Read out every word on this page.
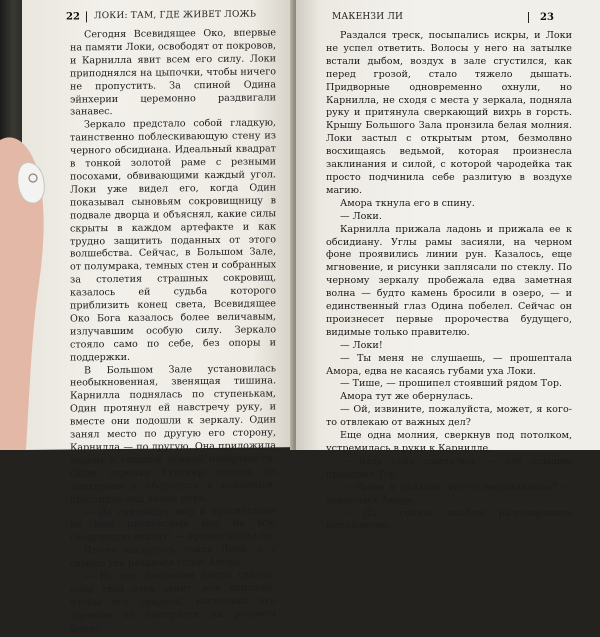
22 ЛОКИ: ТАМ, ГДЕ ЖИВЕТ ЛОЖЬ

Сегодня Всевидящее Око, впервые на памяти Локи, освободят от покровов, и Карнилла явит всем его силу. Локи приподнялся на цыпочки, чтобы ничего не пропустить. За спиной Одина эйнхерии церемонно раздвигали занавес.

Зеркало предстало собой гладкую, таинственно поблескивающую стену из черного обсидиана. Идеальный квадрат в тонкой золотой раме с резными посохами, обвивающими каждый угол. Локи уже видел его, когда Один показывал сыновьям сокровищницу в подвале дворца и объяснял, какие силы скрыты в каждом артефакте и как трудно защитить поданных от этого волшебства. Сейчас, в Большом Зале, от полумрака, темных стен и собранных за столетия страшных сокровищ, казалось ей судьба которого приблизить конец света, Всевидящее Око Бога казалось более величавым, излучавшим особую силу. Зеркало стояло само по себе, без опоры и поддержки.

В Большом Зале установилась необыкновенная, звенящая тишина. Карнилла поднялась по ступенькам, Один протянул ей навстречу руку, и вместе они подошли к зеркалу. Один занял место по другую его сторону, Карнилла — по другую. Она приложила ладонь к гладкой темной поверхности. Один передал Гунгнир одному из эйнхериев и обернулся к поданным, простирая над залом руки.

— Да снизойдет мир и процветание на наш прекрасный мир на всю следующую декаду! — провозгласил он.

Что-то коснулось локтя Локи, а у самого уха раздался голос Амора:

— Ну что, покрасим плиты сейчас, пока твой отец занят, или попозже, чтобы все увидели, насколько его одеяние не смотрится на розовом фоне?

МАКЕНЗИ ЛИ	23

Раздался треск, посыпались искры, и Локи не успел ответить. Волосы у него на затылке встали дыбом, воздух в зале сгустился, как перед грозой, стало тяжело дышать. Придворные одновременно охнули, но Карнилла, не сходя с места у зеркала, подняла руку и притянула сверкающий вихрь в горсть. Крышу Большого Зала пронзила белая молния. Локи застыл с открытым ртом, безмолвно восхищаясь ведьмой, которая произнесла заклинания и силой, с которой чародейка так просто подчинила себе разлитую в воздухе магию.

Амора ткнула его в спину.

— Локи.

Карнилла прижала ладонь и прижала ее к обсидиану. Углы рамы засияли, на черном фоне проявились линии рун. Казалось, еще мгновение, и рисунки заплясали по стеклу. По черному зеркалу пробежала едва заметная волна — будто камень бросили в озеро, — и единственный глаз Одина побелел. Сейчас он произнесет первые пророчества будущего, видимые только правителю.

— Локи!

— Ты меня не слушаешь, — прошептала Амора, едва не касаясь губами уха Локи.

— Тише, — прошипел стоявший рядом Тор.

Амора тут же обернулась.

— Ой, извините, пожалуйста, может, я кого-то отвлекаю от важных дел?

Еще одна молния, сверкнув под потолком, устремилась в руки к Карнилле.

— Ведь себя прилично, — еле слышно процедил Тор.

— Разве я сказала что-то неприличное? — удивилась Амора.

— Да... сейчас вообще разговаривать неприлично.
